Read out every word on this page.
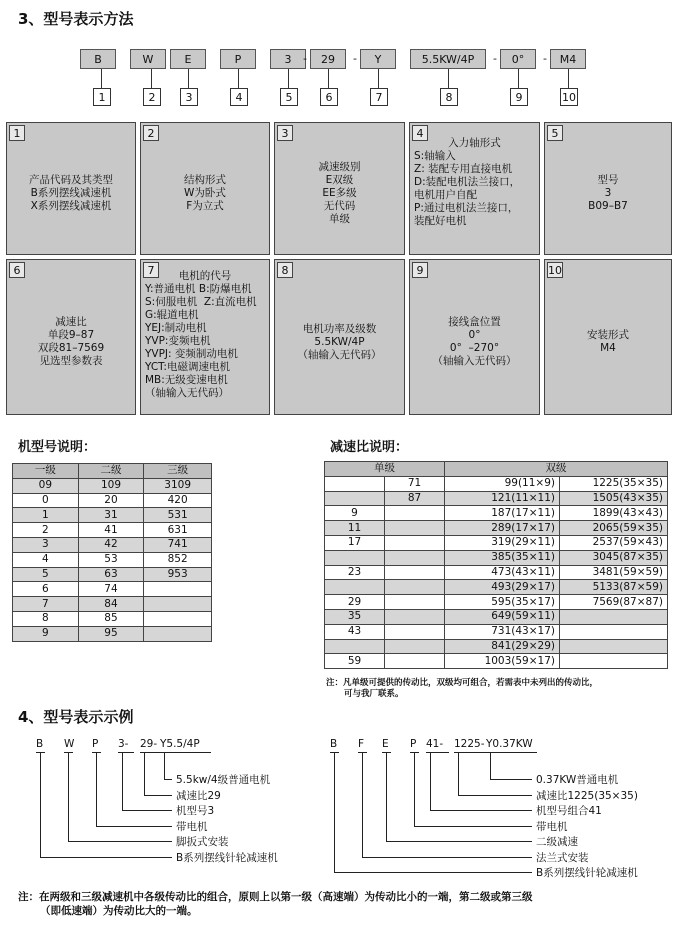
3、型号表示方法
B
1
W
2
E
3
P
4
3
5
29
6
Y
7
5.5KW/4P
8
0°
9
M4
10
-	-	-	-
1
产品代码及其类型
B系列摆线减速机
X系列摆线减速机
2
结构形式
W为卧式
F为立式
3
减速级别
E双级
EE多级
无代码
单级
4
入力轴形式
S:轴输入
Z: 装配专用直接电机
D:装配电机法兰接口，
电机用户自配
P:通过电机法兰接口，
装配好电机
5
型号
3
B09–B7
6
减速比
单段9–87
双段81–7569
见选型参数表
7	电机的代号
Y:普通电机 B:防爆电机
S:伺服电机  Z:直流电机
G:辊道电机
YEJ:制动电机
YVP:变频电机
YVPJ: 变频制动电机
YCT:电磁调速电机
MB:无级变速电机
（轴输入无代码）
8
电机功率及级数
5.5KW/4P
（轴输入无代码）
9
接线盒位置
0°
0°  –270°
（轴输入无代码）
10
安装形式
M4
机型号说明：
一级	二级	三级
09	109	3109
0	20	420
1	31	531
2	41	631
3	42	741
4	53	852
5	63	953
6	74	
7	84	
8	85	
9	95	
减速比说明：
单级		双级	
	71	99(11×9)	1225(35×35)
	87	121(11×11)	1505(43×35)
9		187(17×11)	1899(43×43)
11		289(17×17)	2065(59×35)
17		319(29×11)	2537(59×43)
		385(35×11)	3045(87×35)
23		473(43×11)	3481(59×59)
		493(29×17)	5133(87×59)
29		595(35×17)	7569(87×87)
35		649(59×11)	
43		731(43×17)	
		841(29×29)	
59		1003(59×17)	
注：凡单级可提供的传动比，双级均可组合，若需表中未列出的传动比，
可与我厂联系。
4、型号表示示例
B W P 3- 29- Y5.5/4P
5.5kw/4级普通电机
减速比29
机型号3
带电机
脚扳式安装
B系列摆线针轮减速机
B F E P 41- 1225- Y0.37KW
0.37KW普通电机
减速比1225(35×35)
机型号组合41
带电机
二级减速
法兰式安装
B系列摆线针轮减速机
注：在两级和三级减速机中各级传动比的组合，原则上以第一级（高速端）为传动比小的一端，第二级或第三级
（即低速端）为传动比大的一端。
